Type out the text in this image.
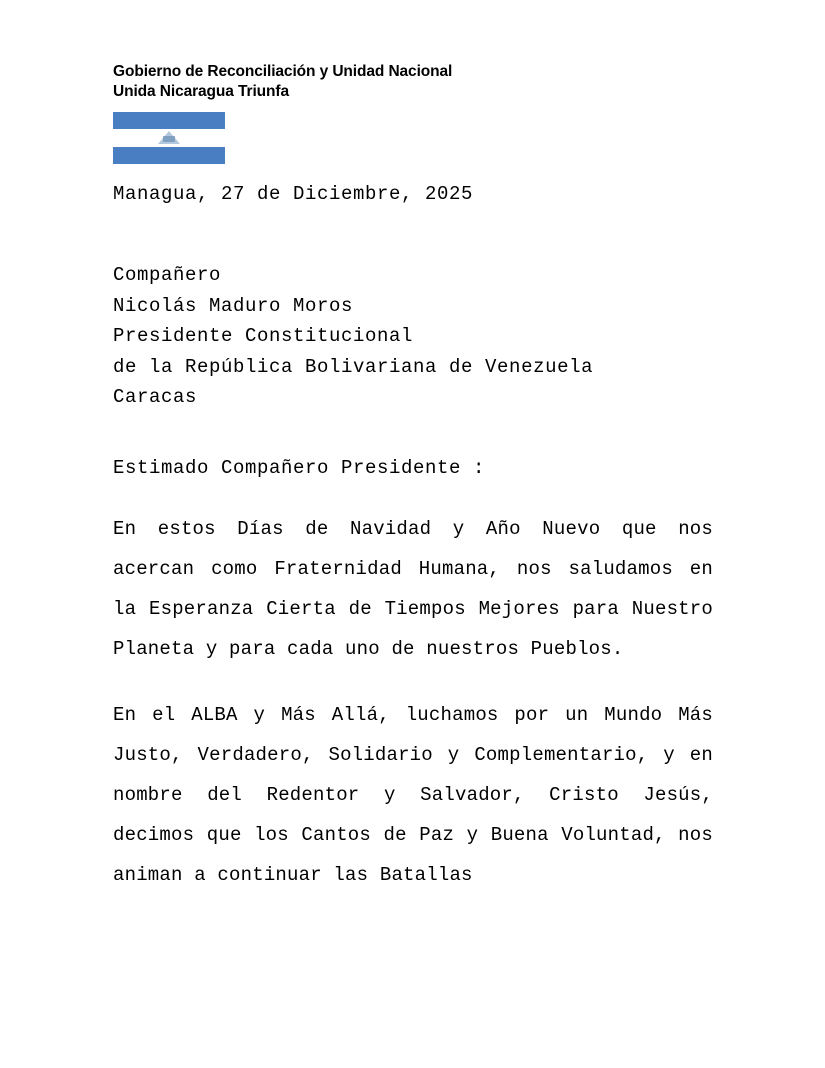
Gobierno de Reconciliación y Unidad Nacional
Unida Nicaragua Triunfa
Managua, 27 de Diciembre, 2025
Compañero
Nicolás Maduro Moros
Presidente Constitucional
de la República Bolivariana de Venezuela
Caracas
Estimado Compañero Presidente :
En estos Días de Navidad y Año Nuevo que nos acercan como Fraternidad Humana, nos saludamos en la Esperanza Cierta de Tiempos Mejores para Nuestro Planeta y para cada uno de nuestros Pueblos.
En el ALBA y Más Allá, luchamos por un Mundo Más Justo, Verdadero, Solidario y Complementario, y en nombre del Redentor y Salvador, Cristo Jesús, decimos que los Cantos de Paz y Buena Voluntad, nos animan a continuar las Batallas
